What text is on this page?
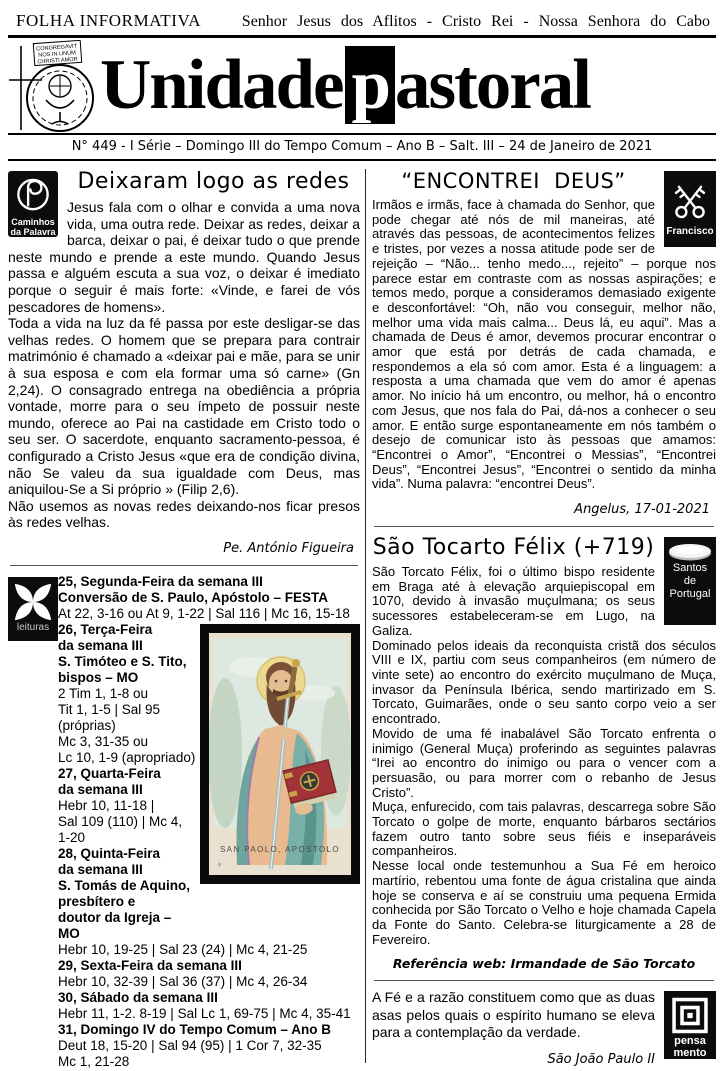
FOLHA INFORMATIVA	Senhor Jesus dos Aflitos - Cristo Rei - Nossa Senhora do Cabo
CONGREGAVIT
NOS IN UNUM
CHRISTI AMOR Unidade pastoral
N° 449 - I Série – Domingo III do Tempo Comum – Ano B – Salt. III – 24 de Janeiro de 2021
Caminhos
da Palavra
Deixaram logo as redes

Jesus fala com o olhar e convida a uma nova vida, uma outra rede. Deixar as redes, deixar a barca, deixar o pai, é deixar tudo o que prende neste mundo e prende a este mundo. Quando Jesus passa e alguém escuta a sua voz, o deixar é imediato porque o seguir é mais forte: «Vinde, e farei de vós pescadores de homens».

Toda a vida na luz da fé passa por este desligar-se das velhas redes. O homem que se prepara para contrair matrimónio é chamado a «deixar pai e mãe, para se unir à sua esposa e com ela formar uma só carne» (Gn 2,24). O consagrado entrega na obediência a própria vontade, morre para o seu ímpeto de possuir neste mundo, oferece ao Pai na castidade em Cristo todo o seu ser. O sacerdote, enquanto sacramento-pessoa, é configurado a Cristo Jesus «que era de condição divina, não Se valeu da sua igualdade com Deus, mas aniquilou-Se a Si próprio » (Filip 2,6).

Não usemos as novas redes deixando-nos ficar presos às redes velhas.

Pe. António Figueira
leituras
25, Segunda-Feira da semana III
Conversão de S. Paulo, Apóstolo – FESTA
At 22, 3-16 ou At 9, 1-22 | Sal 116 | Mc 16, 15-18
26, Terça-Feira
da semana III
S. Timóteo e S. Tito,
bispos – MO
2 Tim 1, 1-8 ou
Tit 1, 1-5 | Sal 95 (próprias)
Mc 3, 31-35 ou
Lc 10, 1-9 (apropriado)
27, Quarta-Feira
da semana III
Hebr 10, 11-18 |
Sal 109 (110) | Mc 4, 1-20
28, Quinta-Feira
da semana III
S. Tomás de Aquino,
presbítero e
doutor da Igreja – MO
SAN PAOLO, APOSTOLO
✝
Hebr 10, 19-25 | Sal 23 (24) | Mc 4, 21-25
29, Sexta-Feira da semana III
Hebr 10, 32-39 | Sal 36 (37) | Mc 4, 26-34
30, Sábado da semana III
Hebr 11, 1-2. 8-19 | Sal Lc 1, 69-75 | Mc 4, 35-41
31, Domingo IV do Tempo Comum – Ano B
Deut 18, 15-20 | Sal 94 (95) | 1 Cor 7, 32-35
Mc 1, 21-28
Francisco
“ENCONTREI DEUS”

Irmãos e irmãs, face à chamada do Senhor, que pode chegar até nós de mil maneiras, até através das pessoas, de acontecimentos felizes e tristes, por vezes a nossa atitude pode ser de rejeição – “Não... tenho medo..., rejeito” – porque nos parece estar em contraste com as nossas aspirações; e temos medo, porque a consideramos demasiado exigente e desconfortável: “Oh, não vou conseguir, melhor não, melhor uma vida mais calma... Deus lá, eu aqui”. Mas a chamada de Deus é amor, devemos procurar encontrar o amor que está por detrás de cada chamada, e respondemos a ela só com amor. Esta é a linguagem: a resposta a uma chamada que vem do amor é apenas amor. No início há um encontro, ou melhor, há o encontro com Jesus, que nos fala do Pai, dá-nos a conhecer o seu amor. E então surge espontaneamente em nós também o desejo de comunicar isto às pessoas que amamos: “Encontrei o Amor”, “Encontrei o Messias”, “Encontrei Deus”, “Encontrei Jesus”, “Encontrei o sentido da minha vida”. Numa palavra: “encontrei Deus”.

Angelus, 17-01-2021
Santos
de
Portugal
São Tocarto Félix (+719)

São Torcato Félix, foi o último bispo residente em Braga até à elevação arquiepiscopal em 1070, devido à invasão muçulmana; os seus sucessores estabeleceram-se em Lugo, na Galiza.

Dominado pelos ideais da reconquista cristã dos séculos VIII e IX, partiu com seus companheiros (em número de vinte sete) ao encontro do exército muçulmano de Muça, invasor da Península Ibérica, sendo martirizado em S. Torcato, Guimarães, onde o seu santo corpo veio a ser encontrado.

Movido de uma fé inabalável São Torcato enfrenta o inimigo (General Muça) proferindo as seguintes palavras “Irei ao encontro do inimigo ou para o vencer com a persuasão, ou para morrer com o rebanho de Jesus Cristo”.

Muça, enfurecido, com tais palavras, descarrega sobre São Torcato o golpe de morte, enquanto bárbaros sectários fazem outro tanto sobre seus fiéis e inseparáveis companheiros.

Nesse local onde testemunhou a Sua Fé em heroico martírio, rebentou uma fonte de água cristalina que ainda hoje se conserva e aí se construiu uma pequena Ermida conhecida por São Torcato o Velho e hoje chamada Capela da Fonte do Santo. Celebra-se liturgicamente a 28 de Fevereiro.

Referência web: Irmandade de São Torcato
pensa
mento

A Fé e a razão constituem como que as duas asas pelos quais o espírito humano se eleva para a contemplação da verdade.

São João Paulo II
